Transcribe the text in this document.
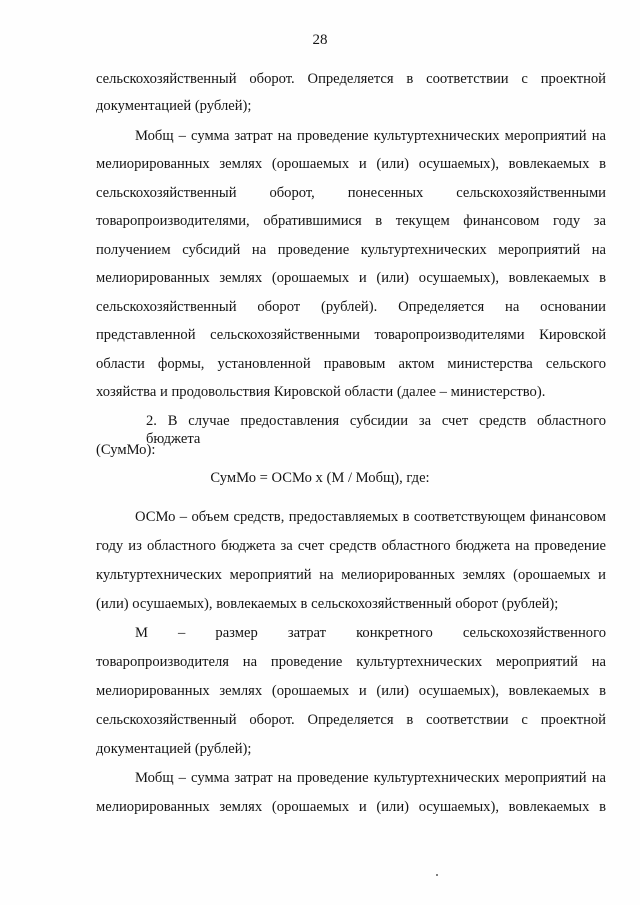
28
сельскохозяйственный оборот. Определяется в соответствии с проектной
документацией (рублей);
Мобщ – сумма затрат на проведение культуртехнических мероприятий на
мелиорированных землях (орошаемых и (или) осушаемых), вовлекаемых в
сельскохозяйственный оборот, понесенных сельскохозяйственными
товаропроизводителями, обратившимися в текущем финансовом году за
получением субсидий на проведение культуртехнических мероприятий на
мелиорированных землях (орошаемых и (или) осушаемых), вовлекаемых в
сельскохозяйственный оборот (рублей). Определяется на основании
представленной сельскохозяйственными товаропроизводителями Кировской
области формы, установленной правовым актом министерства сельского
хозяйства и продовольствия Кировской области (далее – министерство).
2. В случае предоставления субсидии за счет средств областного бюджета
(СумМо):
СумМо = ОСМо х (М / Мобщ), где:
ОСМо – объем средств, предоставляемых в соответствующем финансовом
году из областного бюджета за счет средств областного бюджета на проведение
культуртехнических мероприятий на мелиорированных землях (орошаемых и
(или) осушаемых), вовлекаемых в сельскохозяйственный оборот (рублей);
М – размер затрат конкретного сельскохозяйственного
товаропроизводителя на проведение культуртехнических мероприятий на
мелиорированных землях (орошаемых и (или) осушаемых), вовлекаемых в
сельскохозяйственный оборот. Определяется в соответствии с проектной
документацией (рублей);
Мобщ – сумма затрат на проведение культуртехнических мероприятий на
мелиорированных землях (орошаемых и (или) осушаемых), вовлекаемых в
